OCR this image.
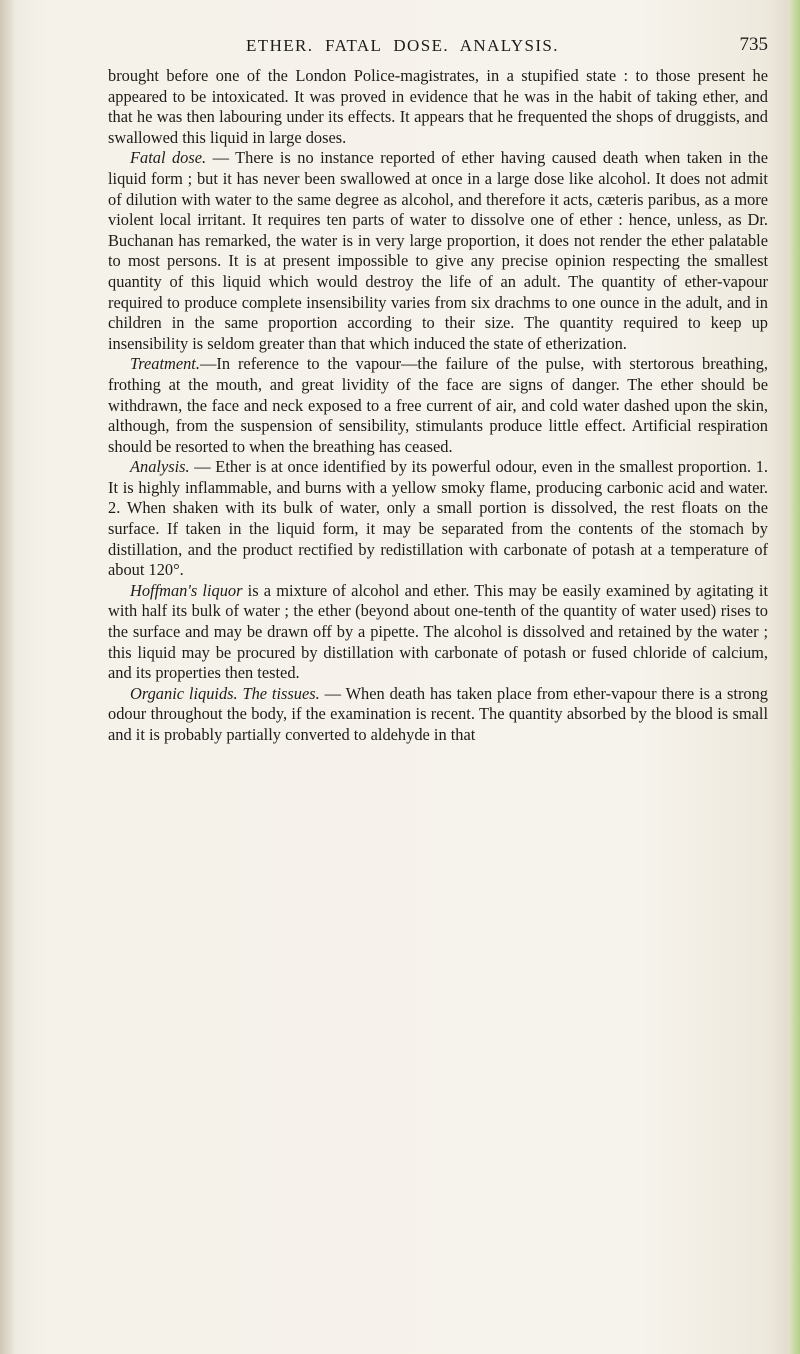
ETHER. FATAL DOSE. ANALYSIS.	735

brought before one of the London Police-magistrates, in a stupified state : to those present he appeared to be intoxicated. It was proved in evidence that he was in the habit of taking ether, and that he was then labouring under its effects. It appears that he frequented the shops of druggists, and swallowed this liquid in large doses.

Fatal dose. — There is no instance reported of ether having caused death when taken in the liquid form ; but it has never been swallowed at once in a large dose like alcohol. It does not admit of dilution with water to the same degree as alcohol, and therefore it acts, cæteris paribus, as a more violent local irritant. It requires ten parts of water to dissolve one of ether : hence, unless, as Dr. Buchanan has remarked, the water is in very large proportion, it does not render the ether palatable to most persons. It is at present impossible to give any precise opinion respecting the smallest quantity of this liquid which would destroy the life of an adult. The quantity of ether-vapour required to produce complete insensibility varies from six drachms to one ounce in the adult, and in children in the same proportion according to their size. The quantity required to keep up insensibility is seldom greater than that which induced the state of etherization.

Treatment.—In reference to the vapour—the failure of the pulse, with stertorous breathing, frothing at the mouth, and great lividity of the face are signs of danger. The ether should be withdrawn, the face and neck exposed to a free current of air, and cold water dashed upon the skin, although, from the suspension of sensibility, stimulants produce little effect. Artificial respiration should be resorted to when the breathing has ceased.

Analysis. — Ether is at once identified by its powerful odour, even in the smallest proportion. 1. It is highly inflammable, and burns with a yellow smoky flame, producing carbonic acid and water. 2. When shaken with its bulk of water, only a small portion is dissolved, the rest floats on the surface. If taken in the liquid form, it may be separated from the contents of the stomach by distillation, and the product rectified by redistillation with carbonate of potash at a temperature of about 120°.

Hoffman's liquor is a mixture of alcohol and ether. This may be easily examined by agitating it with half its bulk of water ; the ether (beyond about one-tenth of the quantity of water used) rises to the surface and may be drawn off by a pipette. The alcohol is dissolved and retained by the water ; this liquid may be procured by distillation with carbonate of potash or fused chloride of calcium, and its properties then tested.

Organic liquids. The tissues. — When death has taken place from ether-vapour there is a strong odour throughout the body, if the examination is recent. The quantity absorbed by the blood is small and it is probably partially converted to aldehyde in that
